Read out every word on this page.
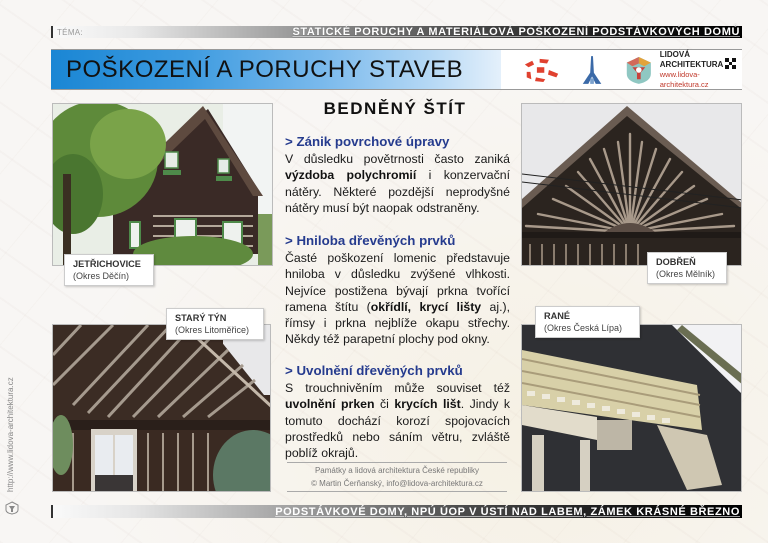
TÉMA:	STATICKÉ PORUCHY A MATERIÁLOVÁ POŠKOZENÍ PODSTÁVKOVÝCH DOMŮ
POŠKOZENÍ A PORUCHY STAVEB
LIDOVÁ
ARCHITEKTURA
www.lidova-architektura.cz
BEDNĚNÝ ŠTÍT
> Zánik povrchové úpravy

V důsledku povětrnosti často zaniká výzdoba polychromií i konzervační nátěry. Některé pozdější neprodyšné nátěry musí být naopak odstraněny.

> Hniloba dřevěných prvků

Časté poškození lomenic představuje hniloba v důsledku zvýšené vlhkosti. Nejvíce postižena bývají prkna tvořící ramena štítu (okřídlí, krycí lišty aj.), římsy i prkna nejblíže okapu střechy. Někdy též parapetní plochy pod okny.

> Uvolnění dřevěných prvků

S trouchnivěním může souviset též uvolnění prken či krycích lišt. Jindy k tomuto dochází korozí spojovacích prostředků nebo sáním větru, zvláště poblíž okrajů.

Památky a lidová architektura České republiky
© Martin Čerňanský, info@lidova-architektura.cz
JETŘICHOVICE
(Okres Děčín)
DOBŘEŇ
(Okres Mělník)
STARÝ TÝN
(Okres Litoměřice)
RANÉ
(Okres Česká Lípa)
PODSTÁVKOVÉ DOMY, NPÚ ÚOP V ÚSTÍ NAD LABEM, ZÁMEK KRÁSNÉ BŘEZNO
http://www.lidova-architektura.cz
